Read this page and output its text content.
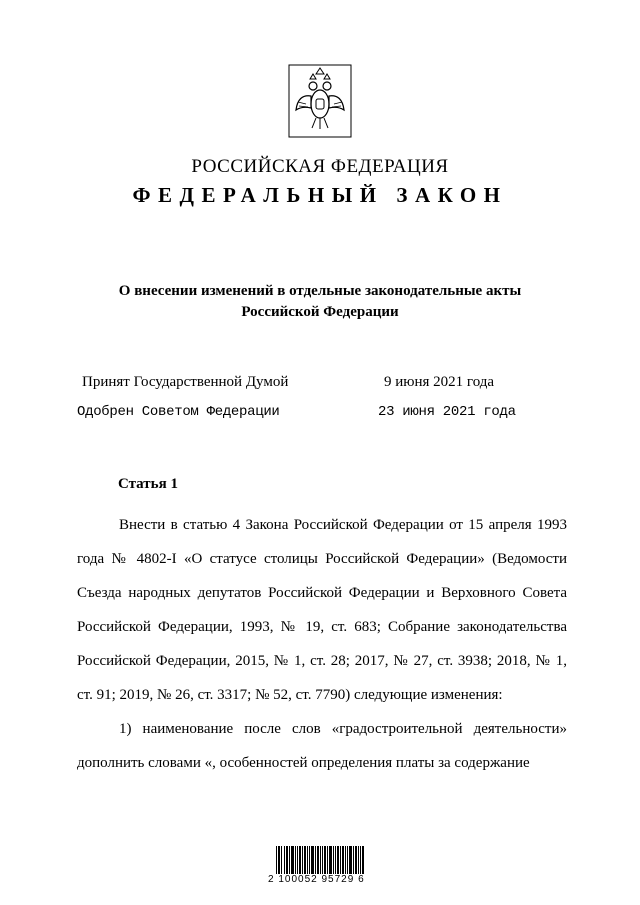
РОССИЙСКАЯ ФЕДЕРАЦИЯ
ФЕДЕРАЛЬНЫЙ ЗАКОН
О внесении изменений в отдельные законодательные акты
Российской Федерации
Принят Государственной Думой	9 июня 2021 года
Одобрен Советом Федерации	23 июня 2021 года
Статья 1

Внести в статью 4 Закона Российской Федерации от 15 апреля 1993 года № 4802-I «О статусе столицы Российской Федерации» (Ведомости Съезда народных депутатов Российской Федерации и Верховного Совета Российской Федерации, 1993, № 19, ст. 683; Собрание законодательства Российской Федерации, 2015, № 1, ст. 28; 2017, № 27, ст. 3938; 2018, № 1, ст. 91; 2019, № 26, ст. 3317; № 52, ст. 7790) следующие изменения:

1) наименование после слов «градостроительной деятельности» дополнить словами «, особенностей определения платы за содержание

2 100052 95729 6
